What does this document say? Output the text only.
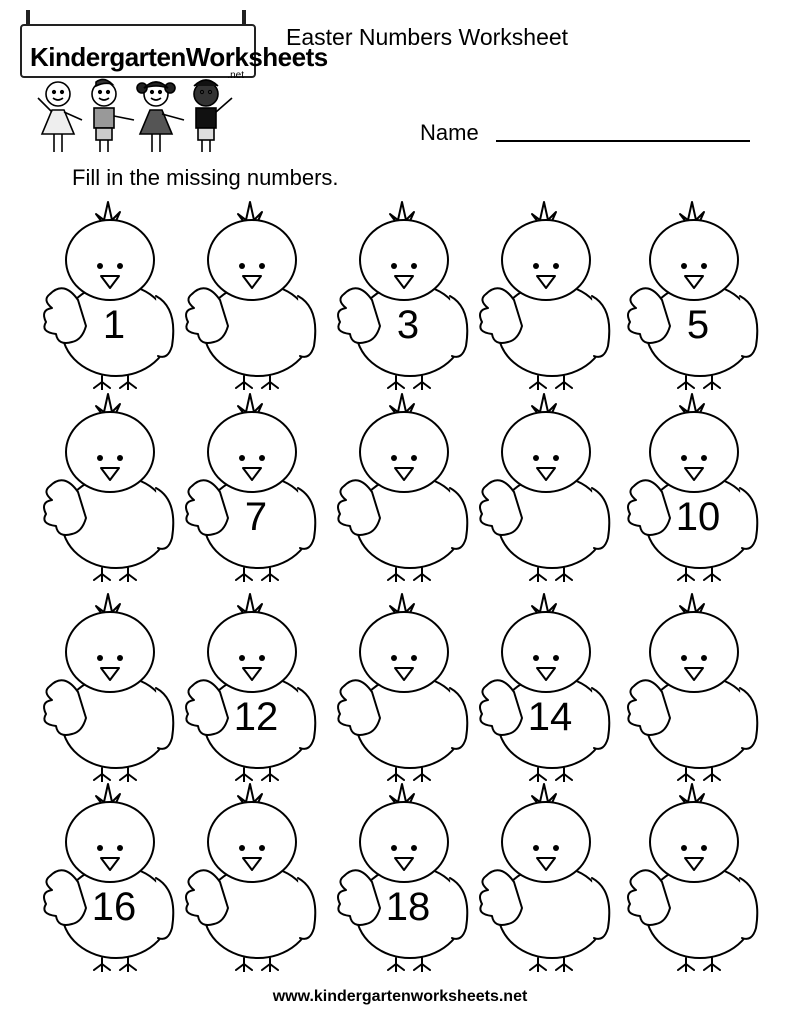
KindergartenWorksheets
.net
Easter Numbers Worksheet
Name
Fill in the missing numbers.
1	3	5
7	10
12	14
16	18
www.kindergartenworksheets.net
